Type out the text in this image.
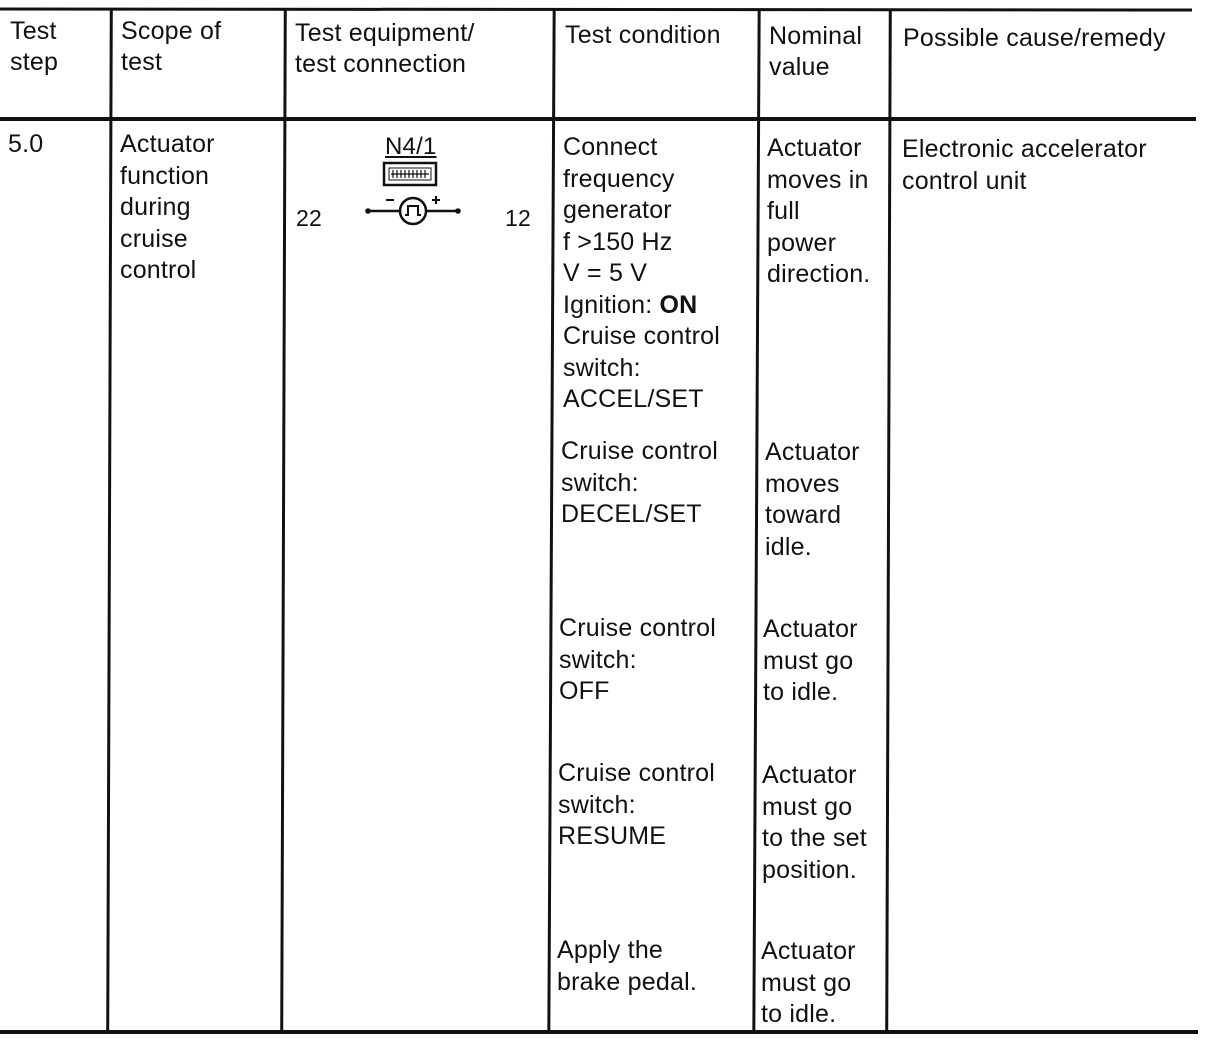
Test
step
Scope of
test
Test equipment/
test connection
Test condition Nominal
value
Possible cause/remedy
5.0	Actuator
function
during
cruise
control
N4/1
22	12
Connect
frequency
generator
f >150 Hz
V = 5 V
Ignition: ON
Cruise control
switch:
ACCEL/SET
Actuator
moves in
full
power
direction.
Cruise control
switch:
DECEL/SET
Actuator
moves
toward
idle.
Cruise control
switch:
OFF
Actuator
must go
to idle.
Cruise control
switch:
RESUME
Actuator
must go
to the set
position.
Apply the
brake pedal.
Actuator
must go
to idle.
Electronic accelerator
control unit
